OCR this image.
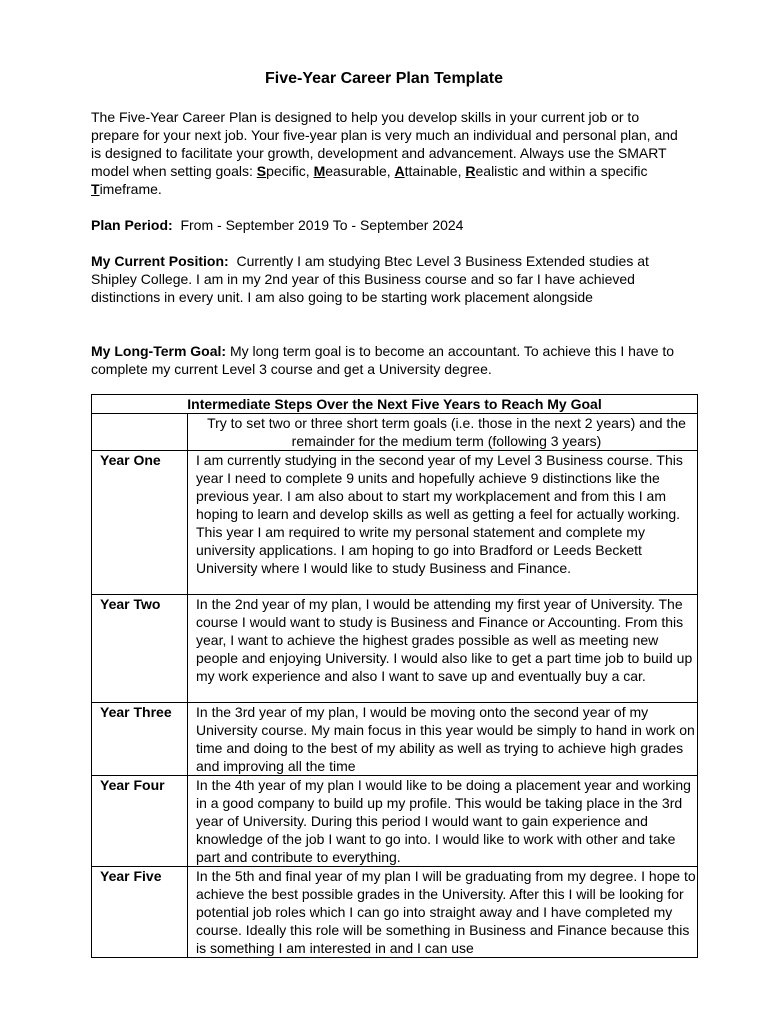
Five-Year Career Plan Template
The Five-Year Career Plan is designed to help you develop skills in your current job or to prepare for your next job. Your five-year plan is very much an individual and personal plan, and is designed to facilitate your growth, development and advancement. Always use the SMART model when setting goals: Specific, Measurable, Attainable, Realistic and within a specific Timeframe.
Plan Period: From - September 2019 To - September 2024
My Current Position: Currently I am studying Btec Level 3 Business Extended studies at Shipley College. I am in my 2nd year of this Business course and so far I have achieved distinctions in every unit. I am also going to be starting work placement alongside
My Long-Term Goal: My long term goal is to become an accountant. To achieve this I have to complete my current Level 3 course and get a University degree.
Intermediate Steps Over the Next Five Years to Reach My Goal	
	Try to set two or three short term goals (i.e. those in the next 2 years) and the remainder for the medium term (following 3 years)
Year One	I am currently studying in the second year of my Level 3 Business course. This year I need to complete 9 units and hopefully achieve 9 distinctions like the previous year. I am also about to start my workplacement and from this I am hoping to learn and develop skills as well as getting a feel for actually working. This year I am required to write my personal statement and complete my university applications. I am hoping to go into Bradford or Leeds Beckett University where I would like to study Business and Finance.
Year Two	In the 2nd year of my plan, I would be attending my first year of University. The course I would want to study is Business and Finance or Accounting. From this year, I want to achieve the highest grades possible as well as meeting new people and enjoying University. I would also like to get a part time job to build up my work experience and also I want to save up and eventually buy a car.
Year Three	In the 3rd year of my plan, I would be moving onto the second year of my University course. My main focus in this year would be simply to hand in work on time and doing to the best of my ability as well as trying to achieve high grades and improving all the time
Year Four	In the 4th year of my plan I would like to be doing a placement year and working in a good company to build up my profile. This would be taking place in the 3rd year of University. During this period I would want to gain experience and knowledge of the job I want to go into. I would like to work with other and take part and contribute to everything.
Year Five	In the 5th and final year of my plan I will be graduating from my degree. I hope to achieve the best possible grades in the University. After this I will be looking for potential job roles which I can go into straight away and I have completed my course. Ideally this role will be something in Business and Finance because this is something I am interested in and I can use
